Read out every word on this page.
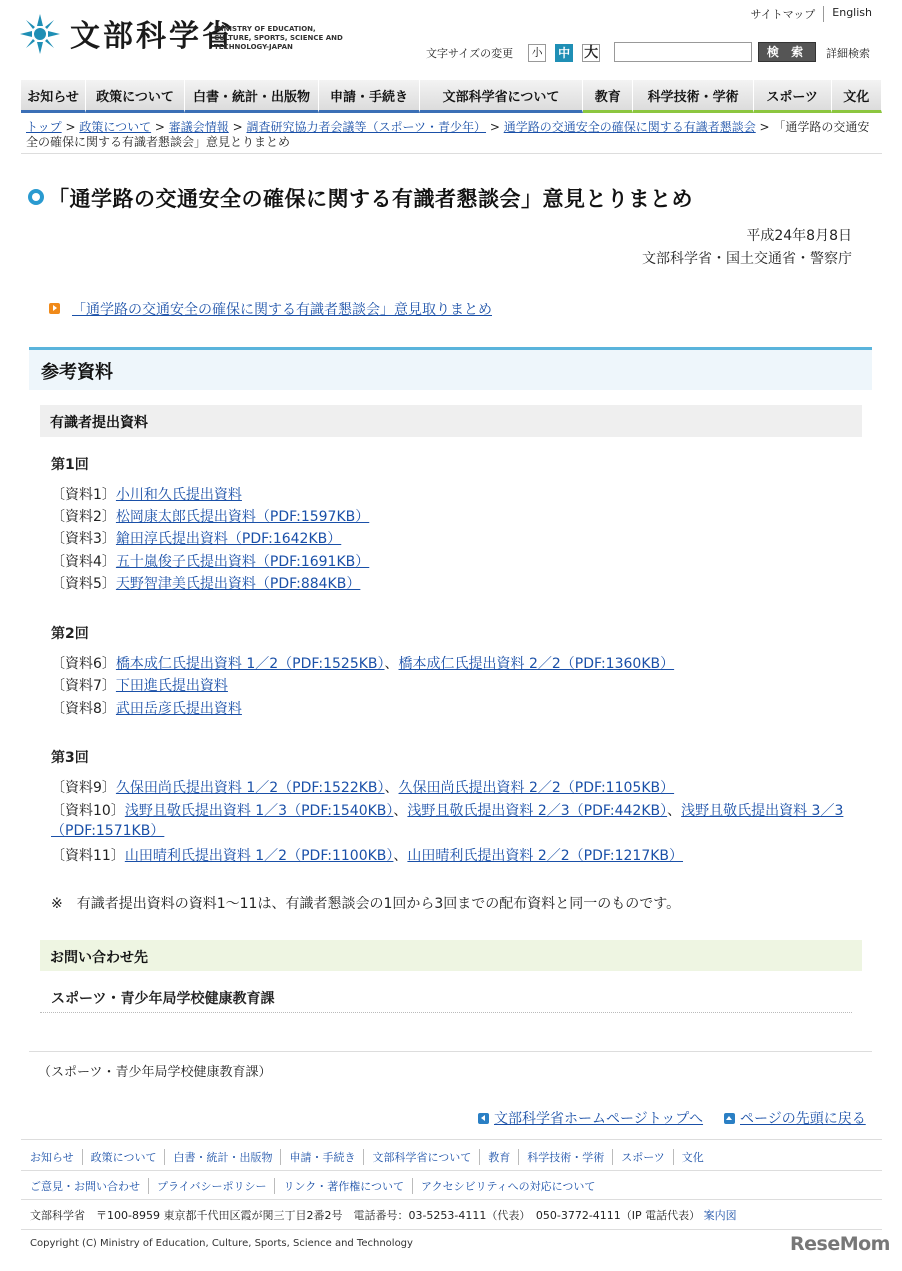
文部科学省
MINISTRY OF EDUCATION, CULTURE, SPORTS, SCIENCE AND TECHNOLOGY-JAPAN
サイトマップ	English
文字サイズの変更	小 中 大	検 索	詳細検索
お知らせ	政策について	白書・統計・出版物	申請・手続き	文部科学省について	教育	科学技術・学術	スポーツ	文化
トップ > 政策について > 審議会情報 > 調査研究協力者会議等（スポーツ・青少年） > 通学路の交通安全の確保に関する有識者懇談会 > 「通学路の交通安全の確保に関する有識者懇談会」意見とりまとめ
「通学路の交通安全の確保に関する有識者懇談会」意見とりまとめ
平成24年8月8日
文部科学省・国土交通省・警察庁
「通学路の交通安全の確保に関する有識者懇談会」意見取りまとめ
参考資料
有識者提出資料
第1回
〔資料1〕小川和久氏提出資料
〔資料2〕松岡康太郎氏提出資料（PDF:1597KB）
〔資料3〕鎗田淳氏提出資料（PDF:1642KB）
〔資料4〕五十嵐俊子氏提出資料（PDF:1691KB）
〔資料5〕天野智津美氏提出資料（PDF:884KB）
第2回
〔資料6〕橋本成仁氏提出資料 1／2（PDF:1525KB）、橋本成仁氏提出資料 2／2（PDF:1360KB）
〔資料7〕下田進氏提出資料
〔資料8〕武田岳彦氏提出資料
第3回
〔資料9〕久保田尚氏提出資料 1／2（PDF:1522KB）、久保田尚氏提出資料 2／2（PDF:1105KB）
〔資料10〕浅野且敬氏提出資料 1／3（PDF:1540KB）、浅野且敬氏提出資料 2／3（PDF:442KB）、浅野且敬氏提出資料 3／3（PDF:1571KB）
〔資料11〕山田晴利氏提出資料 1／2（PDF:1100KB）、山田晴利氏提出資料 2／2（PDF:1217KB）
※　有識者提出資料の資料1～11は、有識者懇談会の1回から3回までの配布資料と同一のものです。
お問い合わせ先
スポーツ・青少年局学校健康教育課
（スポーツ・青少年局学校健康教育課）
文部科学省ホームページトップへ	ページの先頭に戻る
お知らせ	政策について	白書・統計・出版物	申請・手続き	文部科学省について	教育	科学技術・学術	スポーツ	文化
ご意見・お問い合わせ	プライバシーポリシー	リンク・著作権について	アクセシビリティへの対応について
文部科学省　〒100-8959 東京都千代田区霞が関三丁目2番2号　電話番号：03-5253-4111（代表）　050-3772-4111（IP 電話代表） 案内図
Copyright (C) Ministry of Education, Culture, Sports, Science and Technology	ReseMom
